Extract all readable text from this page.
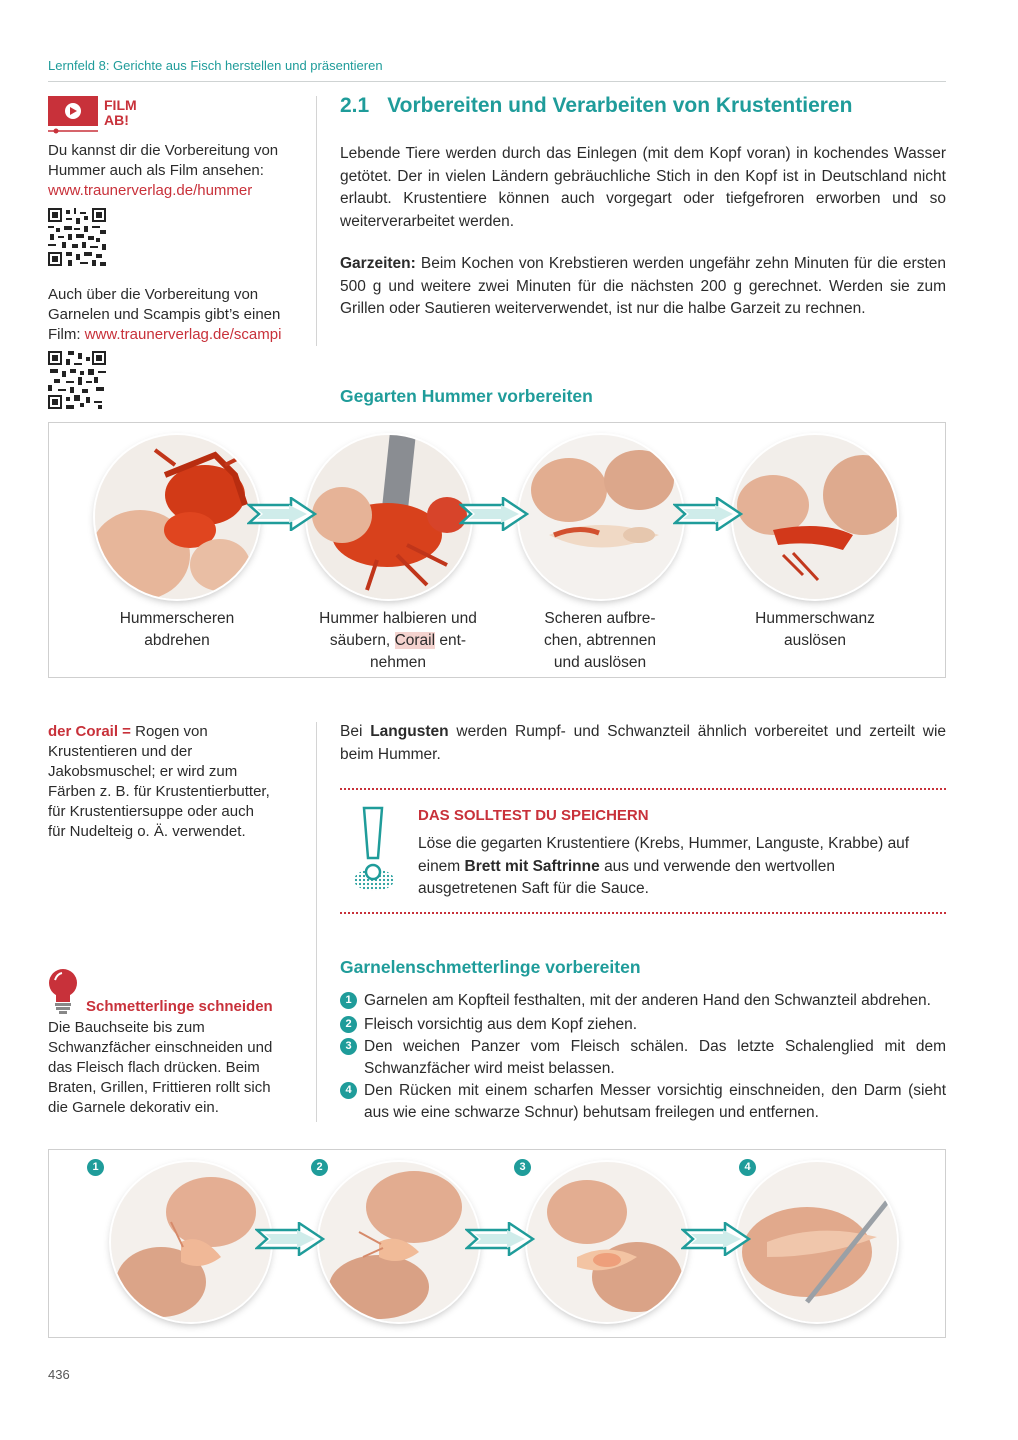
Lernfeld 8: Gerichte aus Fisch herstellen und präsentieren
FILM
AB!
Du kannst dir die Vorbereitung von Hummer auch als Film ansehen:
www.traunerverlag.de/hummer
Auch über die Vorbereitung von Garnelen und Scampis gibt’s einen Film: www.traunerverlag.de/scampi
2.1 Vorbereiten und Verarbeiten von Krustentieren
Lebende Tiere werden durch das Einlegen (mit dem Kopf voran) in kochendes Wasser getötet. Der in vielen Ländern gebräuchliche Stich in den Kopf ist in Deutschland nicht erlaubt. Krustentiere können auch vorgegart oder tiefgefroren erworben und so weiterverarbeitet werden.
Garzeiten: Beim Kochen von Krebstieren werden ungefähr zehn Minuten für die ersten 500 g und weitere zwei Minuten für die nächsten 200 g gerechnet. Werden sie zum Grillen oder Sautieren weiterverwendet, ist nur die halbe Garzeit zu rechnen.
Gegarten Hummer vorbereiten
Hummerscheren
abdrehen
Hummer halbieren und
säubern, Corail ent-
nehmen
Scheren aufbre-
chen, abtrennen
und auslösen
Hummerschwanz
auslösen
der Corail = Rogen von Krustentieren und der Jakobsmuschel; er wird zum Färben z. B. für Krustentierbutter, für Krustentiersuppe oder auch für Nudelteig o. Ä. verwendet.
Bei Langusten werden Rumpf- und Schwanzteil ähnlich vorbereitet und zerteilt wie beim Hummer.
DAS SOLLTEST DU SPEICHERN
Löse die gegarten Krustentiere (Krebs, Hummer, Languste, Krabbe) auf einem Brett mit Saftrinne aus und verwende den wertvollen ausgetretenen Saft für die Sauce.
Schmetterlinge schneiden
Die Bauchseite bis zum Schwanzfächer einschneiden und das Fleisch flach drücken. Beim Braten, Grillen, Frittieren rollt sich die Garnele dekorativ ein.
Garnelenschmetterlinge vorbereiten
1 Garnelen am Kopfteil festhalten, mit der anderen Hand den Schwanzteil abdrehen.
2 Fleisch vorsichtig aus dem Kopf ziehen.
3 Den weichen Panzer vom Fleisch schälen. Das letzte Schalenglied mit dem Schwanzfächer wird meist belassen.
4 Den Rücken mit einem scharfen Messer vorsichtig einschneiden, den Darm (sieht aus wie eine schwarze Schnur) behutsam freilegen und entfernen.
1	2	3	4
436
